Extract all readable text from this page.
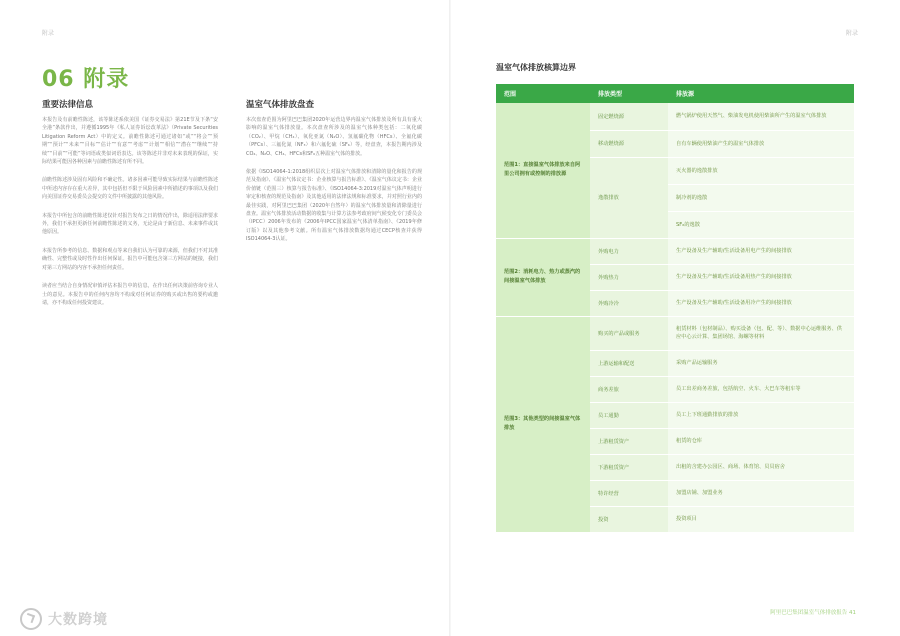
附录
06 附录
重要法律信息

本报告及有前瞻性陈述，该等陈述系依美国《证券交易法》第21E节及下条“安全港”条款作出，并遵循1995年《私人证券诉讼改革法》（Private Securities Litigation Reform Act）中的定义。前瞻性陈述可通过诸如“或”“将会”“预期”“预计”“未来”“目标”“估计”“有意”“考虑”“计划”“相信”“潜在”“继续”“持续”“目前”“可能”等词语或类似词语表达。该等陈述并非对未来表现的保证，实际结果可能因各种因素与前瞻性陈述有所不同。

前瞻性陈述涉及固有风险和不确定性。诸多因素可能导致实际结果与前瞻性陈述中所述内容存在重大差异，其中包括但不限于风险因素中所描述的事项以及我们向美国证券交易委员会提交的文件中所披露的其他风险。

本报告中所包含的前瞻性陈述仅针对报告发布之日的情况作出，除适用法律要求外，我们不承担更新任何前瞻性陈述的义务，无论是由于新信息、未来事件或其他原因。

本报告所参考的信息、数据和观点等来自我们认为可靠的来源，但我们不对其准确性、完整性或及时性作出任何保证。报告中可能包含第三方网站的链接，我们对第三方网站的内容不承担任何责任。

读者应当结合自身情况审慎评估本报告中的信息，在作出任何决策前咨询专业人士的意见。本报告中的任何内容均不构成对任何证券的购买或出售的要约或邀请，亦不构成任何投资建议。

温室气体排放盘查

本次盘查范围为阿里巴巴集团2020年运营边界内温室气体排放及所有具有重大影响的温室气体排放量。本次盘查所涉及的温室气体种类包括：二氧化碳（CO₂）、甲烷（CH₄）、氧化亚氮（N₂O）、氢氟碳化物（HFCs）、全氟化碳（PFCs）、三氟化氮（NF₃）和六氟化硫（SF₆）等，经盘查，本报告期内涉及CO₂、N₂O、CH₄、HFCs和SF₆五种温室气体的排放。

依据《ISO14064-1:2018组织层次上对温室气体排放和清除的量化和报告的规范及指南》、《温室气体议定书：企业核算与报告标准》、《温室气体议定书：企业价值链（范围三）核算与报告标准》、《ISO14064-3:2019对温室气体声明进行审定和核查的规范及指南》及其他适用的法律法规和标准要求，并对照行业内的最佳实践，对阿里巴巴集团（2020年自然年）的温室气体排放量和清除量进行盘查。温室气体排放活动数据的收集与计算方法参考政府间气候变化专门委员会（IPCC）2006年发布的《2006年IPCC国家温室气体清单指南》、《2019年修订版》以及其他参考文献。所有温室气体排放数据均通过CECP核查并获得ISO14064-3认证。

大数跨境
附录
温室气体排放核算边界
范围	排放类型	排放源
范围1：直接温室气体排放来自阿里公司拥有或控制的排放源	固定燃烧源	燃气锅炉使用天然气、柴油发电机使用柴油所产生的温室气体排放
	移动燃烧源	自有车辆使用柴油产生的温室气体排放
	逸散排放	灭火器的逸散排放
		制冷剂的逸散
		SF₆的逸散
范围2：消耗电力、热力或蒸汽的间接温室气体排放	外购电力	生产设备及生产辅助/生活设备用电产生的间接排放
	外购热力	生产设备及生产辅助/生活设备用热产生的间接排放
	外购冷冷	生产设备及生产辅助/生活设备用冷产生的间接排放
范围3：其他类型的间接温室气体排放	购买的产品或服务	租赁材料（包材制品）、购买设备（包、配、等）、数据中心运维服务、供应中心云计算、集团场馆、海螺等材料
	上游运输和配送	采购产品运输服务
	商务差旅	员工出差商务差旅，包括航空、火车、大巴车等租车等
	员工通勤	员工上下班通勤排放的排放
	上游租赁资产	租赁的仓库
	下游租赁资产	出租的含建办公园区、商场、体育馆、员员宿舍
	特许经营	加盟店铺、加盟业务
	投资	投资项目
阿里巴巴集团温室气体排放报告 41
